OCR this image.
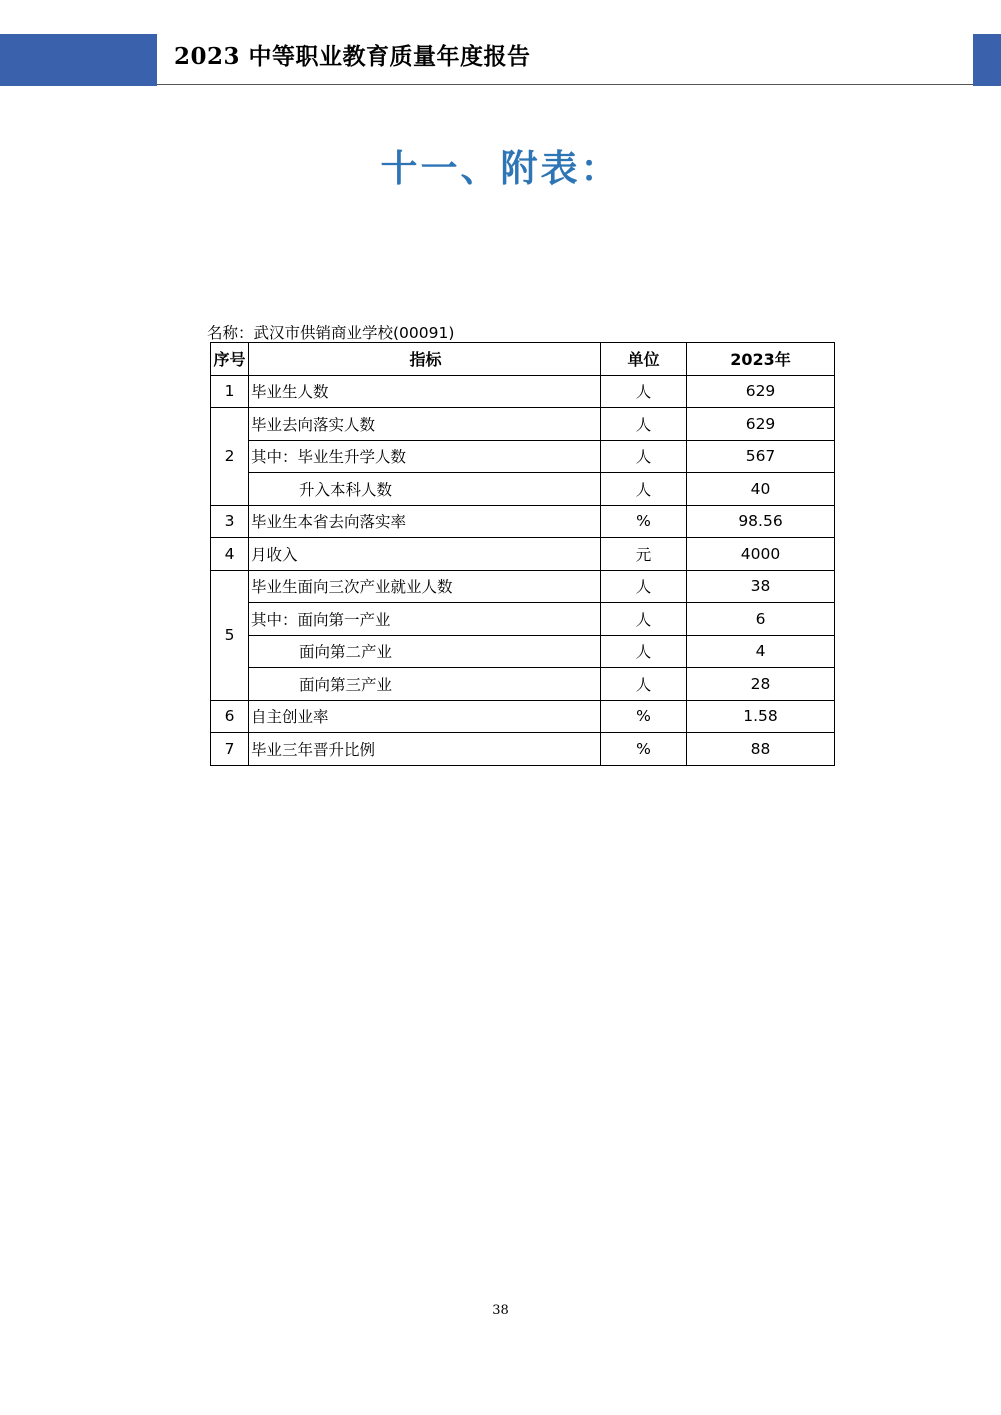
2023 中等职业教育质量年度报告
十一、附表：
名称：武汉市供销商业学校(00091)
序号	指标	单位	2023年
1	毕业生人数	人	629
2	毕业去向落实人数	人	629
	其中：毕业生升学人数	人	567
	升入本科人数	人	40
3	毕业生本省去向落实率	%	98.56
4	月收入	元	4000
5	毕业生面向三次产业就业人数	人	38
	其中：面向第一产业	人	6
	面向第二产业	人	4
	面向第三产业	人	28
6	自主创业率	%	1.58
7	毕业三年晋升比例	%	88
38
